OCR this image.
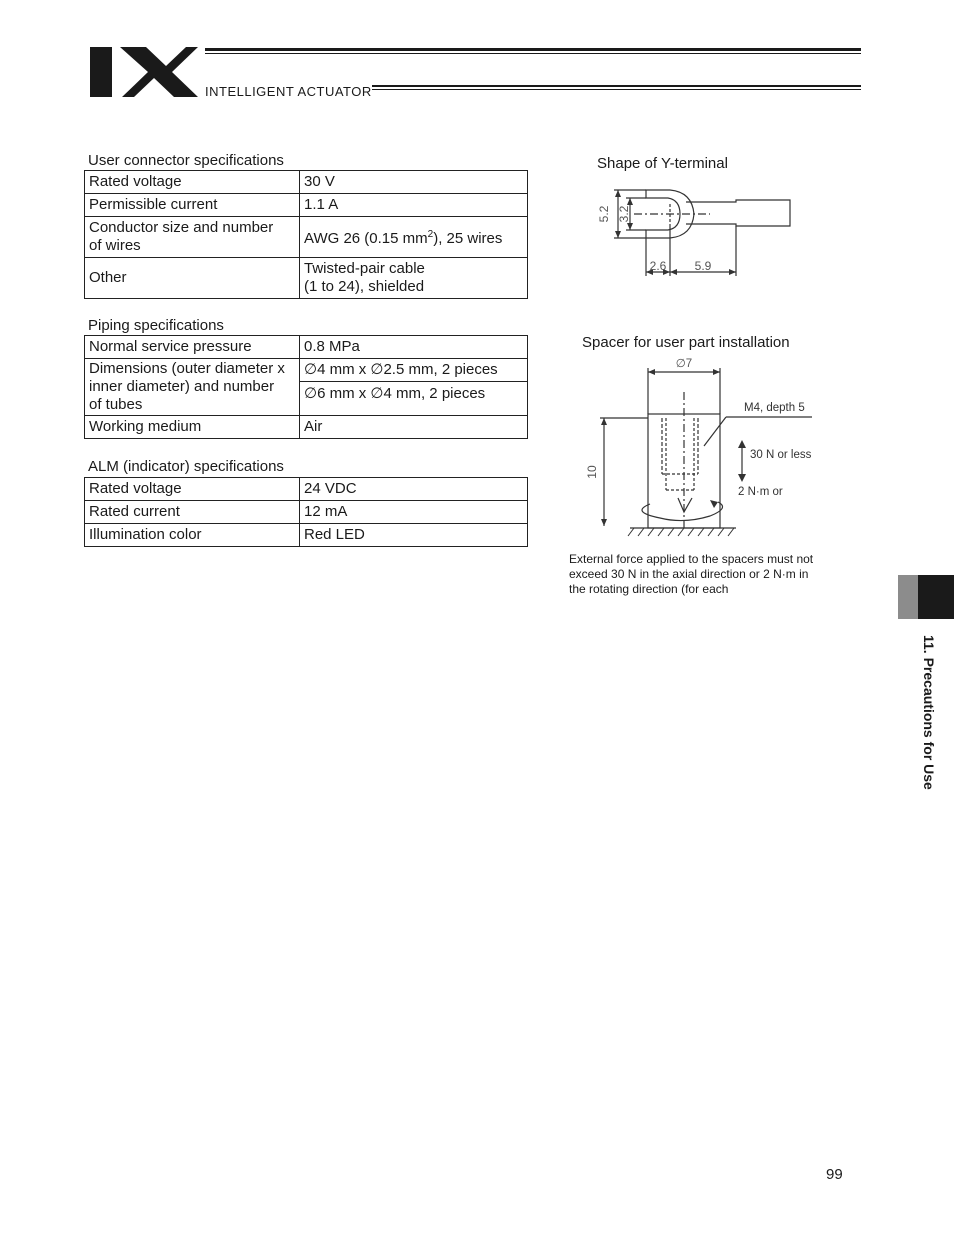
INTELLIGENT ACTUATOR
User connector specifications
Rated voltage	30 V
Permissible current	1.1 A
Conductor size and number
of wires	AWG 26 (0.15 $mm^2$), 25 wires
Other	Twisted-pair cable
(1 to 24), shielded
Piping specifications
Normal service pressure	0.8 MPa
Dimensions (outer diameter x
inner diameter) and number
of tubes	∅4 mm x ∅2.5 mm, 2 pieces
	∅6 mm x ∅4 mm, 2 pieces
Working medium	Air
ALM (indicator) specifications
Rated voltage	24 VDC
Rated current	12 mA
Illumination color	Red LED
Shape of Y-terminal
5.2 3.2
2.6 5.9
Spacer for user part installation
∅7
M4, depth 5
30 N or less
2 N·m or
10
External force applied to the spacers must not exceed 30 N in the axial direction or 2 N·m in the rotating direction (for each
11. Precautions for Use
99
